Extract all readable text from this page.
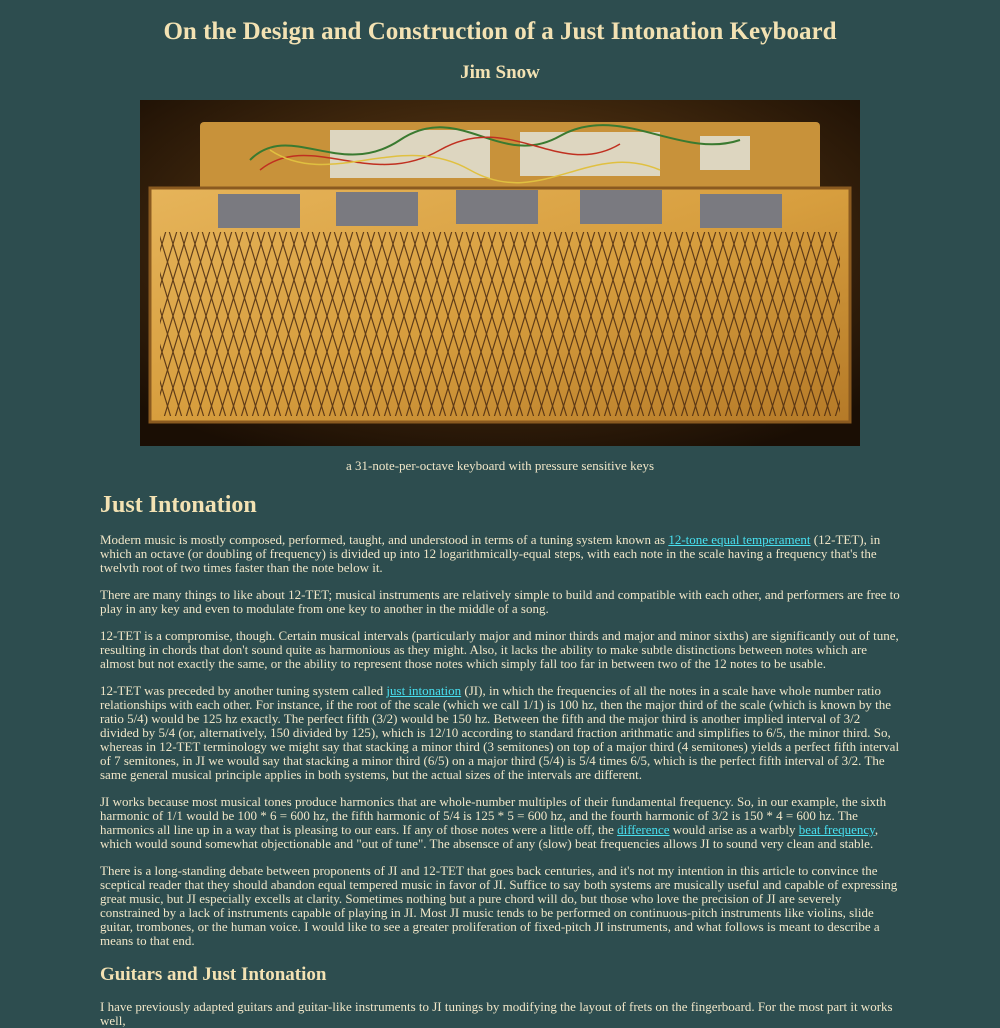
On the Design and Construction of a Just Intonation Keyboard
Jim Snow
a 31-note-per-octave keyboard with pressure sensitive keys
Just Intonation

Modern music is mostly composed, performed, taught, and understood in terms of a tuning system known as 12-tone equal temperament (12-TET), in which an octave (or doubling of frequency) is divided up into 12 logarithmically-equal steps, with each note in the scale having a frequency that's the twelvth root of two times faster than the note below it.

There are many things to like about 12-TET; musical instruments are relatively simple to build and compatible with each other, and performers are free to play in any key and even to modulate from one key to another in the middle of a song.

12-TET is a compromise, though. Certain musical intervals (particularly major and minor thirds and major and minor sixths) are significantly out of tune, resulting in chords that don't sound quite as harmonious as they might. Also, it lacks the ability to make subtle distinctions between notes which are almost but not exactly the same, or the ability to represent those notes which simply fall too far in between two of the 12 notes to be usable.

12-TET was preceded by another tuning system called just intonation (JI), in which the frequencies of all the notes in a scale have whole number ratio relationships with each other. For instance, if the root of the scale (which we call 1/1) is 100 hz, then the major third of the scale (which is known by the ratio 5/4) would be 125 hz exactly. The perfect fifth (3/2) would be 150 hz. Between the fifth and the major third is another implied interval of 3/2 divided by 5/4 (or, alternatively, 150 divided by 125), which is 12/10 according to standard fraction arithmatic and simplifies to 6/5, the minor third. So, whereas in 12-TET terminology we might say that stacking a minor third (3 semitones) on top of a major third (4 semitones) yields a perfect fifth interval of 7 semitones, in JI we would say that stacking a minor third (6/5) on a major third (5/4) is 5/4 times 6/5, which is the perfect fifth interval of 3/2. The same general musical principle applies in both systems, but the actual sizes of the intervals are different.

JI works because most musical tones produce harmonics that are whole-number multiples of their fundamental frequency. So, in our example, the sixth harmonic of 1/1 would be 100 * 6 = 600 hz, the fifth harmonic of 5/4 is 125 * 5 = 600 hz, and the fourth harmonic of 3/2 is 150 * 4 = 600 hz. The harmonics all line up in a way that is pleasing to our ears. If any of those notes were a little off, the difference would arise as a warbly beat frequency, which would sound somewhat objectionable and "out of tune". The absensce of any (slow) beat frequencies allows JI to sound very clean and stable.

There is a long-standing debate between proponents of JI and 12-TET that goes back centuries, and it's not my intention in this article to convince the sceptical reader that they should abandon equal tempered music in favor of JI. Suffice to say both systems are musically useful and capable of expressing great music, but JI especially excells at clarity. Sometimes nothing but a pure chord will do, but those who love the precision of JI are severely constrained by a lack of instruments capable of playing in JI. Most JI music tends to be performed on continuous-pitch instruments like violins, slide guitar, trombones, or the human voice. I would like to see a greater proliferation of fixed-pitch JI instruments, and what follows is meant to describe a means to that end.

Guitars and Just Intonation

I have previously adapted guitars and guitar-like instruments to JI tunings by modifying the layout of frets on the fingerboard. For the most part it works well,
